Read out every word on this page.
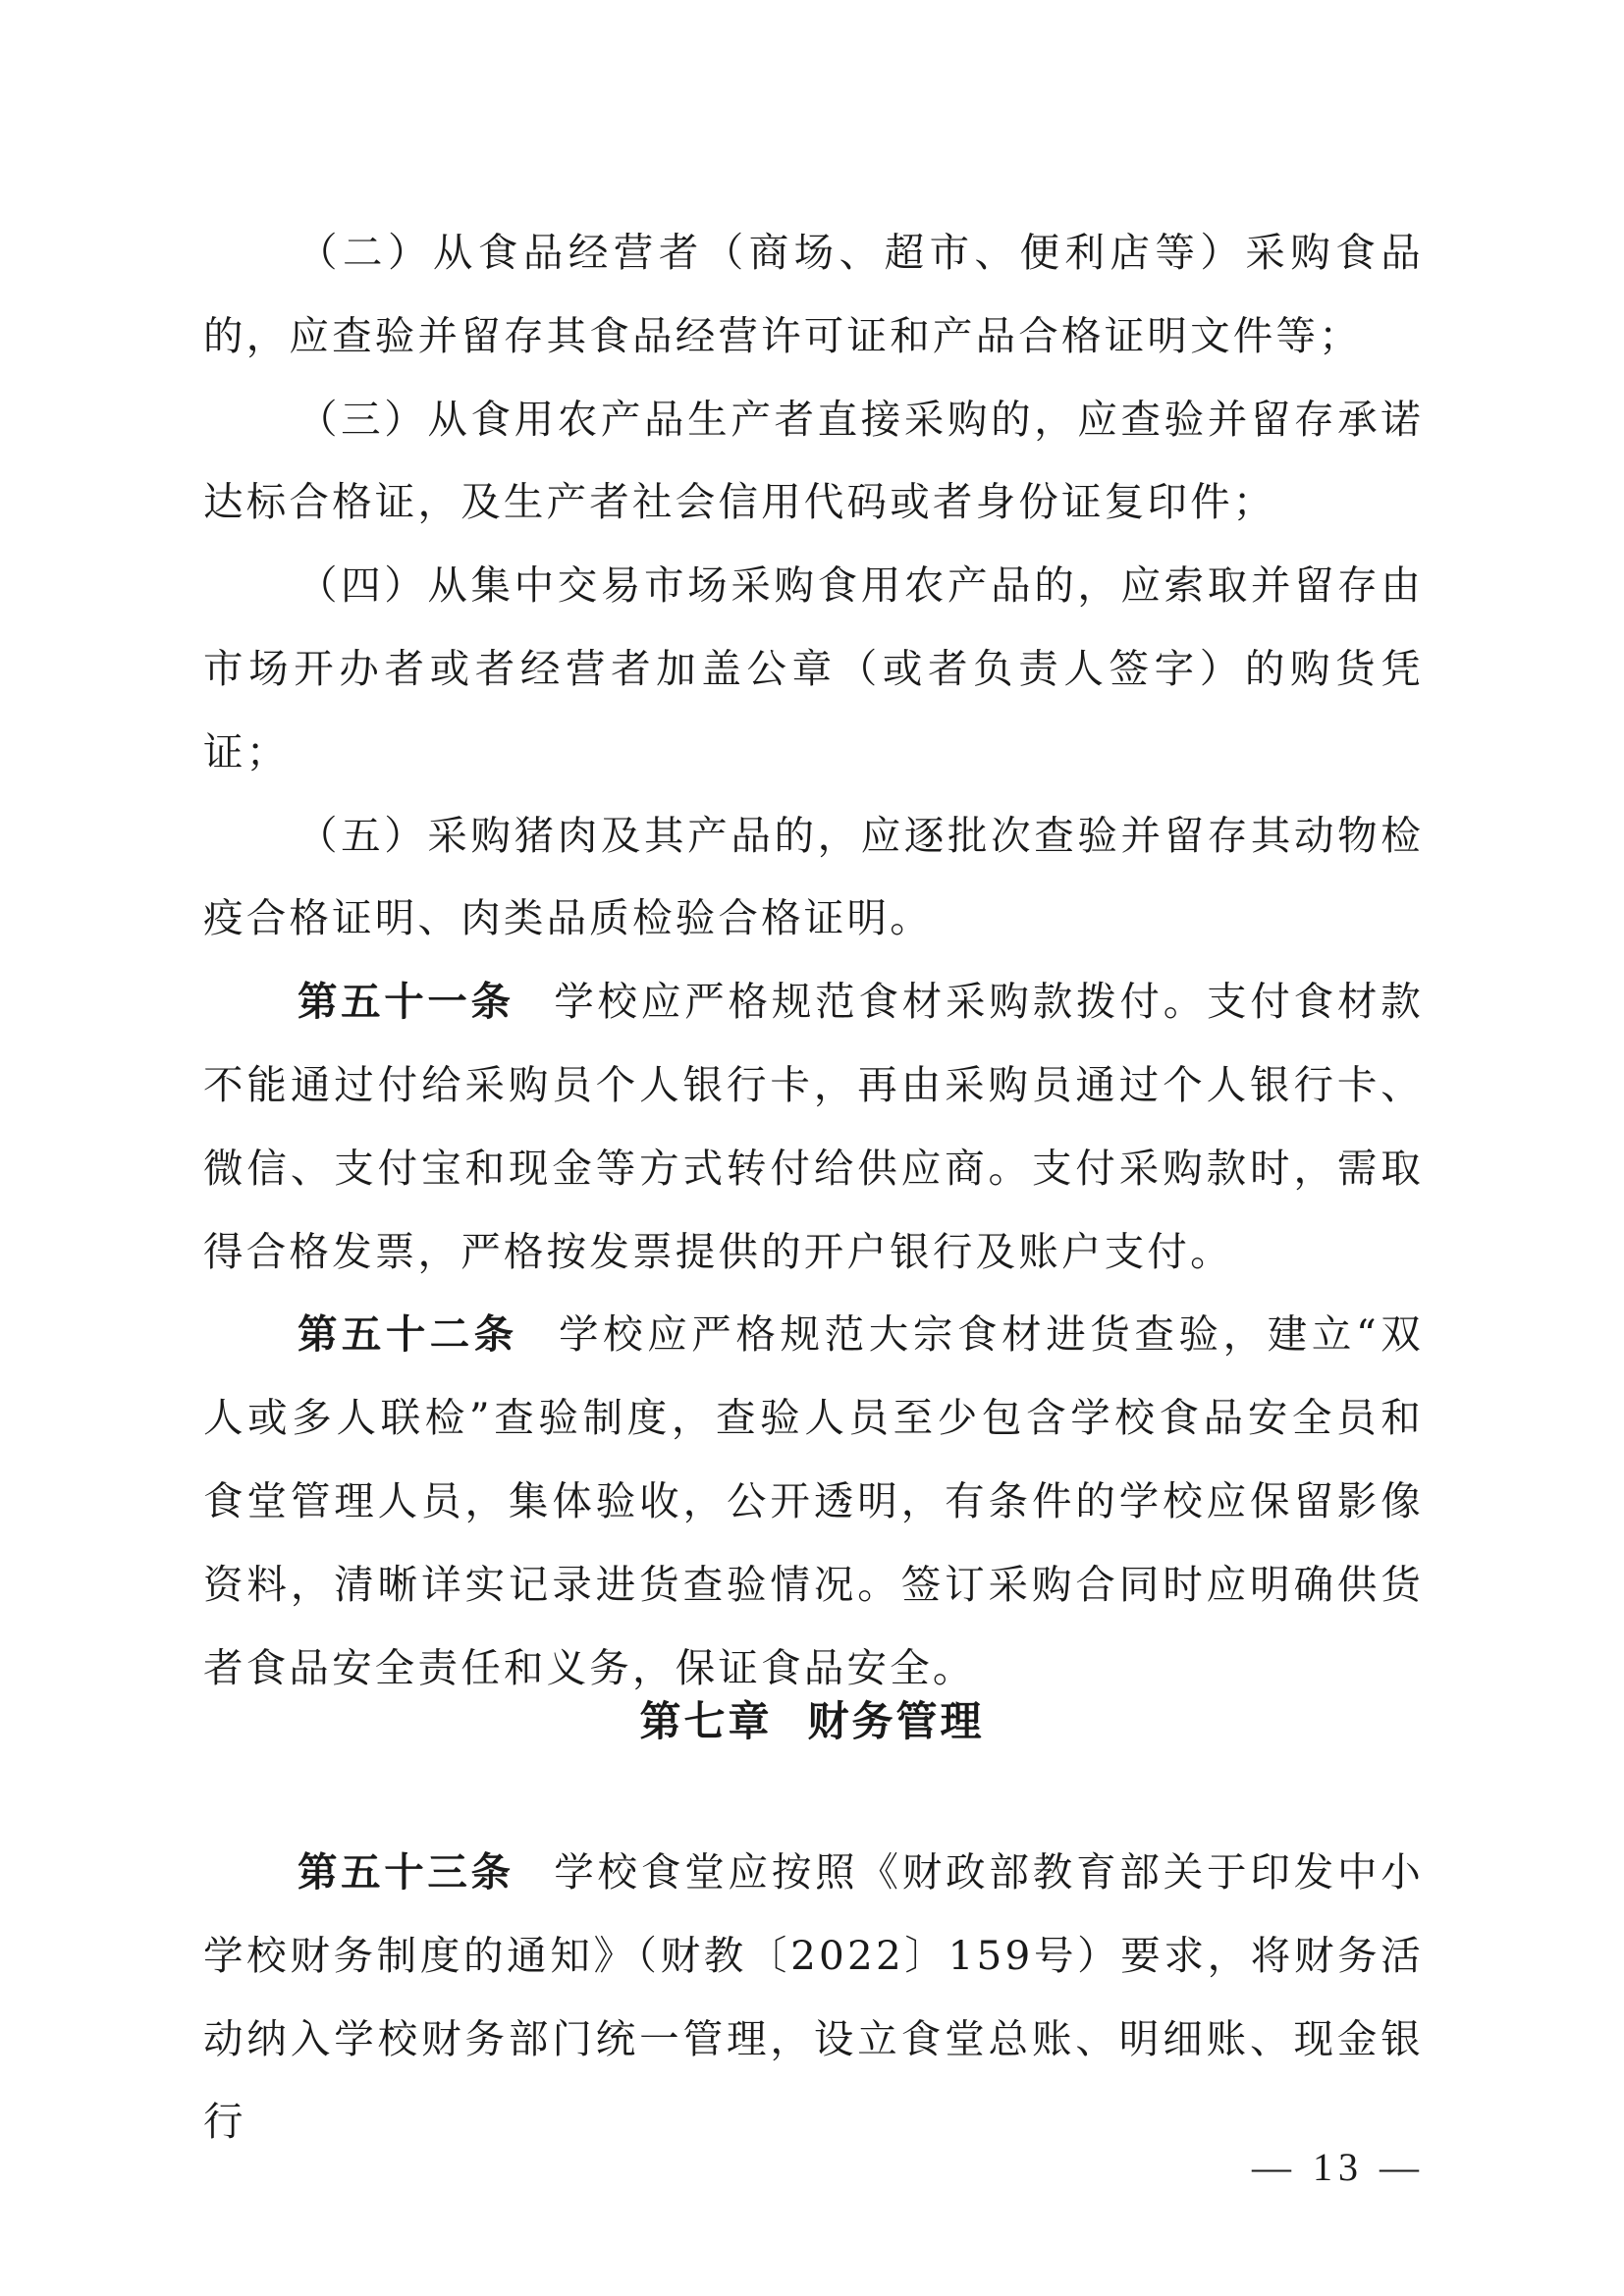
（二）从食品经营者（商场、超市、便利店等）采购食品的，应查验并留存其食品经营许可证和产品合格证明文件等；

（三）从食用农产品生产者直接采购的，应查验并留存承诺达标合格证，及生产者社会信用代码或者身份证复印件；

（四）从集中交易市场采购食用农产品的，应索取并留存由市场开办者或者经营者加盖公章（或者负责人签字）的购货凭证；

（五）采购猪肉及其产品的，应逐批次查验并留存其动物检疫合格证明、肉类品质检验合格证明。

第五十一条 学校应严格规范食材采购款拨付。支付食材款不能通过付给采购员个人银行卡，再由采购员通过个人银行卡、微信、支付宝和现金等方式转付给供应商。支付采购款时，需取得合格发票，严格按发票提供的开户银行及账户支付。

第五十二条 学校应严格规范大宗食材进货查验，建立“双人或多人联检”查验制度，查验人员至少包含学校食品安全员和食堂管理人员，集体验收，公开透明，有条件的学校应保留影像资料，清晰详实记录进货查验情况。签订采购合同时应明确供货者食品安全责任和义务，保证食品安全。

第七章 财务管理

第五十三条 学校食堂应按照《财政部教育部关于印发中小学校财务制度的通知》（财教〔2022〕159号）要求，将财务活动纳入学校财务部门统一管理，设立食堂总账、明细账、现金银行

— 13 —
